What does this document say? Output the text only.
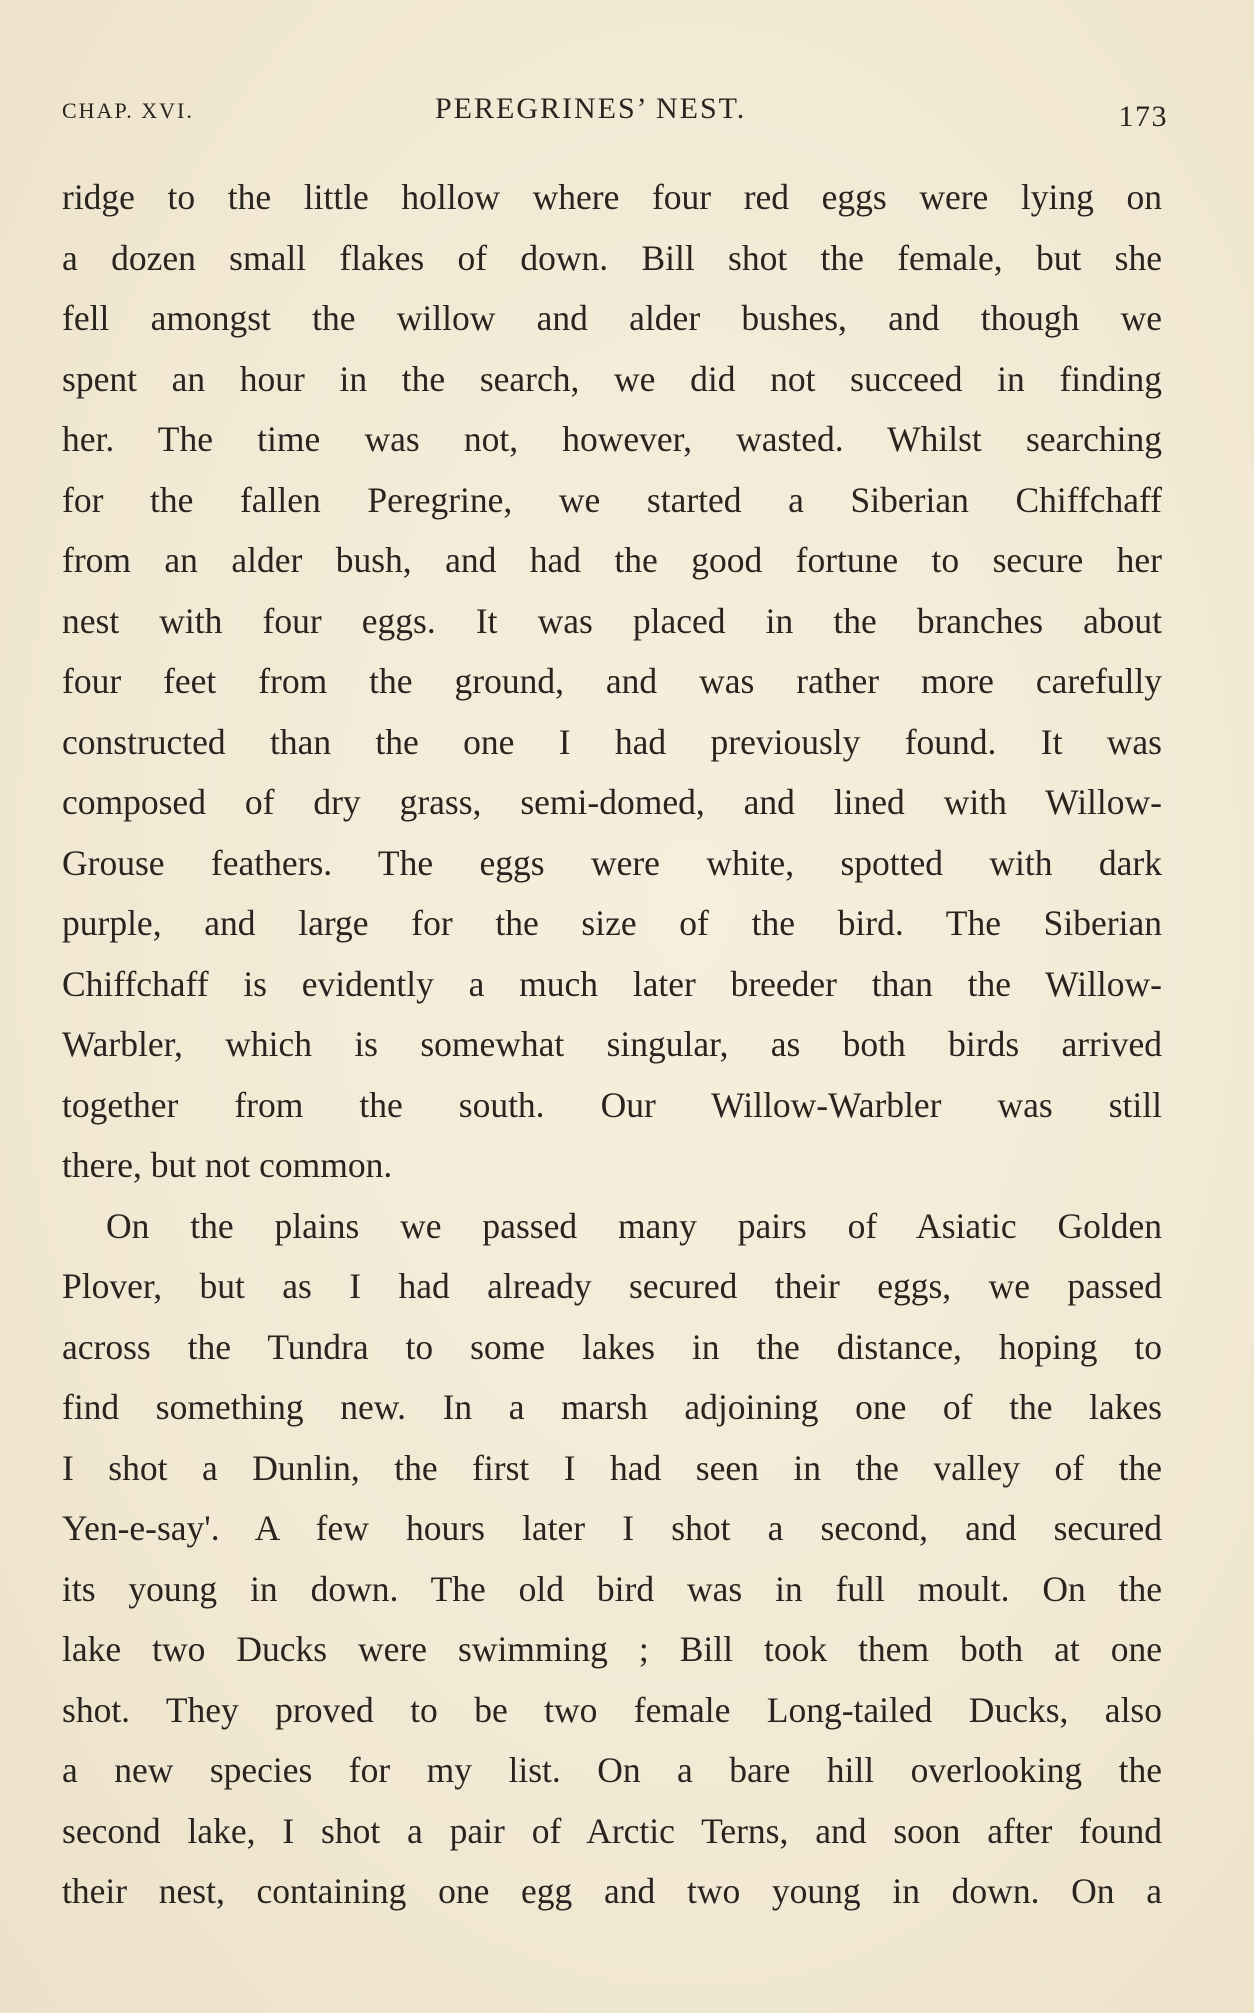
CHAP. XVI.	PEREGRINES’ NEST.	173
ridge to the little hollow where four red eggs were lying on
a dozen small flakes of down. Bill shot the female, but she
fell amongst the willow and alder bushes, and though we
spent an hour in the search, we did not succeed in finding
her. The time was not, however, wasted. Whilst searching
for the fallen Peregrine, we started a Siberian Chiffchaff
from an alder bush, and had the good fortune to secure her
nest with four eggs. It was placed in the branches about
four feet from the ground, and was rather more carefully
constructed than the one I had previously found. It was
composed of dry grass, semi-domed, and lined with Willow-
Grouse feathers. The eggs were white, spotted with dark
purple, and large for the size of the bird. The Siberian
Chiffchaff is evidently a much later breeder than the Willow-
Warbler, which is somewhat singular, as both birds arrived
together from the south. Our Willow-Warbler was still
there, but not common.
On the plains we passed many pairs of Asiatic Golden
Plover, but as I had already secured their eggs, we passed
across the Tundra to some lakes in the distance, hoping to
find something new. In a marsh adjoining one of the lakes
I shot a Dunlin, the first I had seen in the valley of the
Yen-e-say'. A few hours later I shot a second, and secured
its young in down. The old bird was in full moult. On the
lake two Ducks were swimming ; Bill took them both at one
shot. They proved to be two female Long-tailed Ducks, also
a new species for my list. On a bare hill overlooking the
second lake, I shot a pair of Arctic Terns, and soon after found
their nest, containing one egg and two young in down. On a
